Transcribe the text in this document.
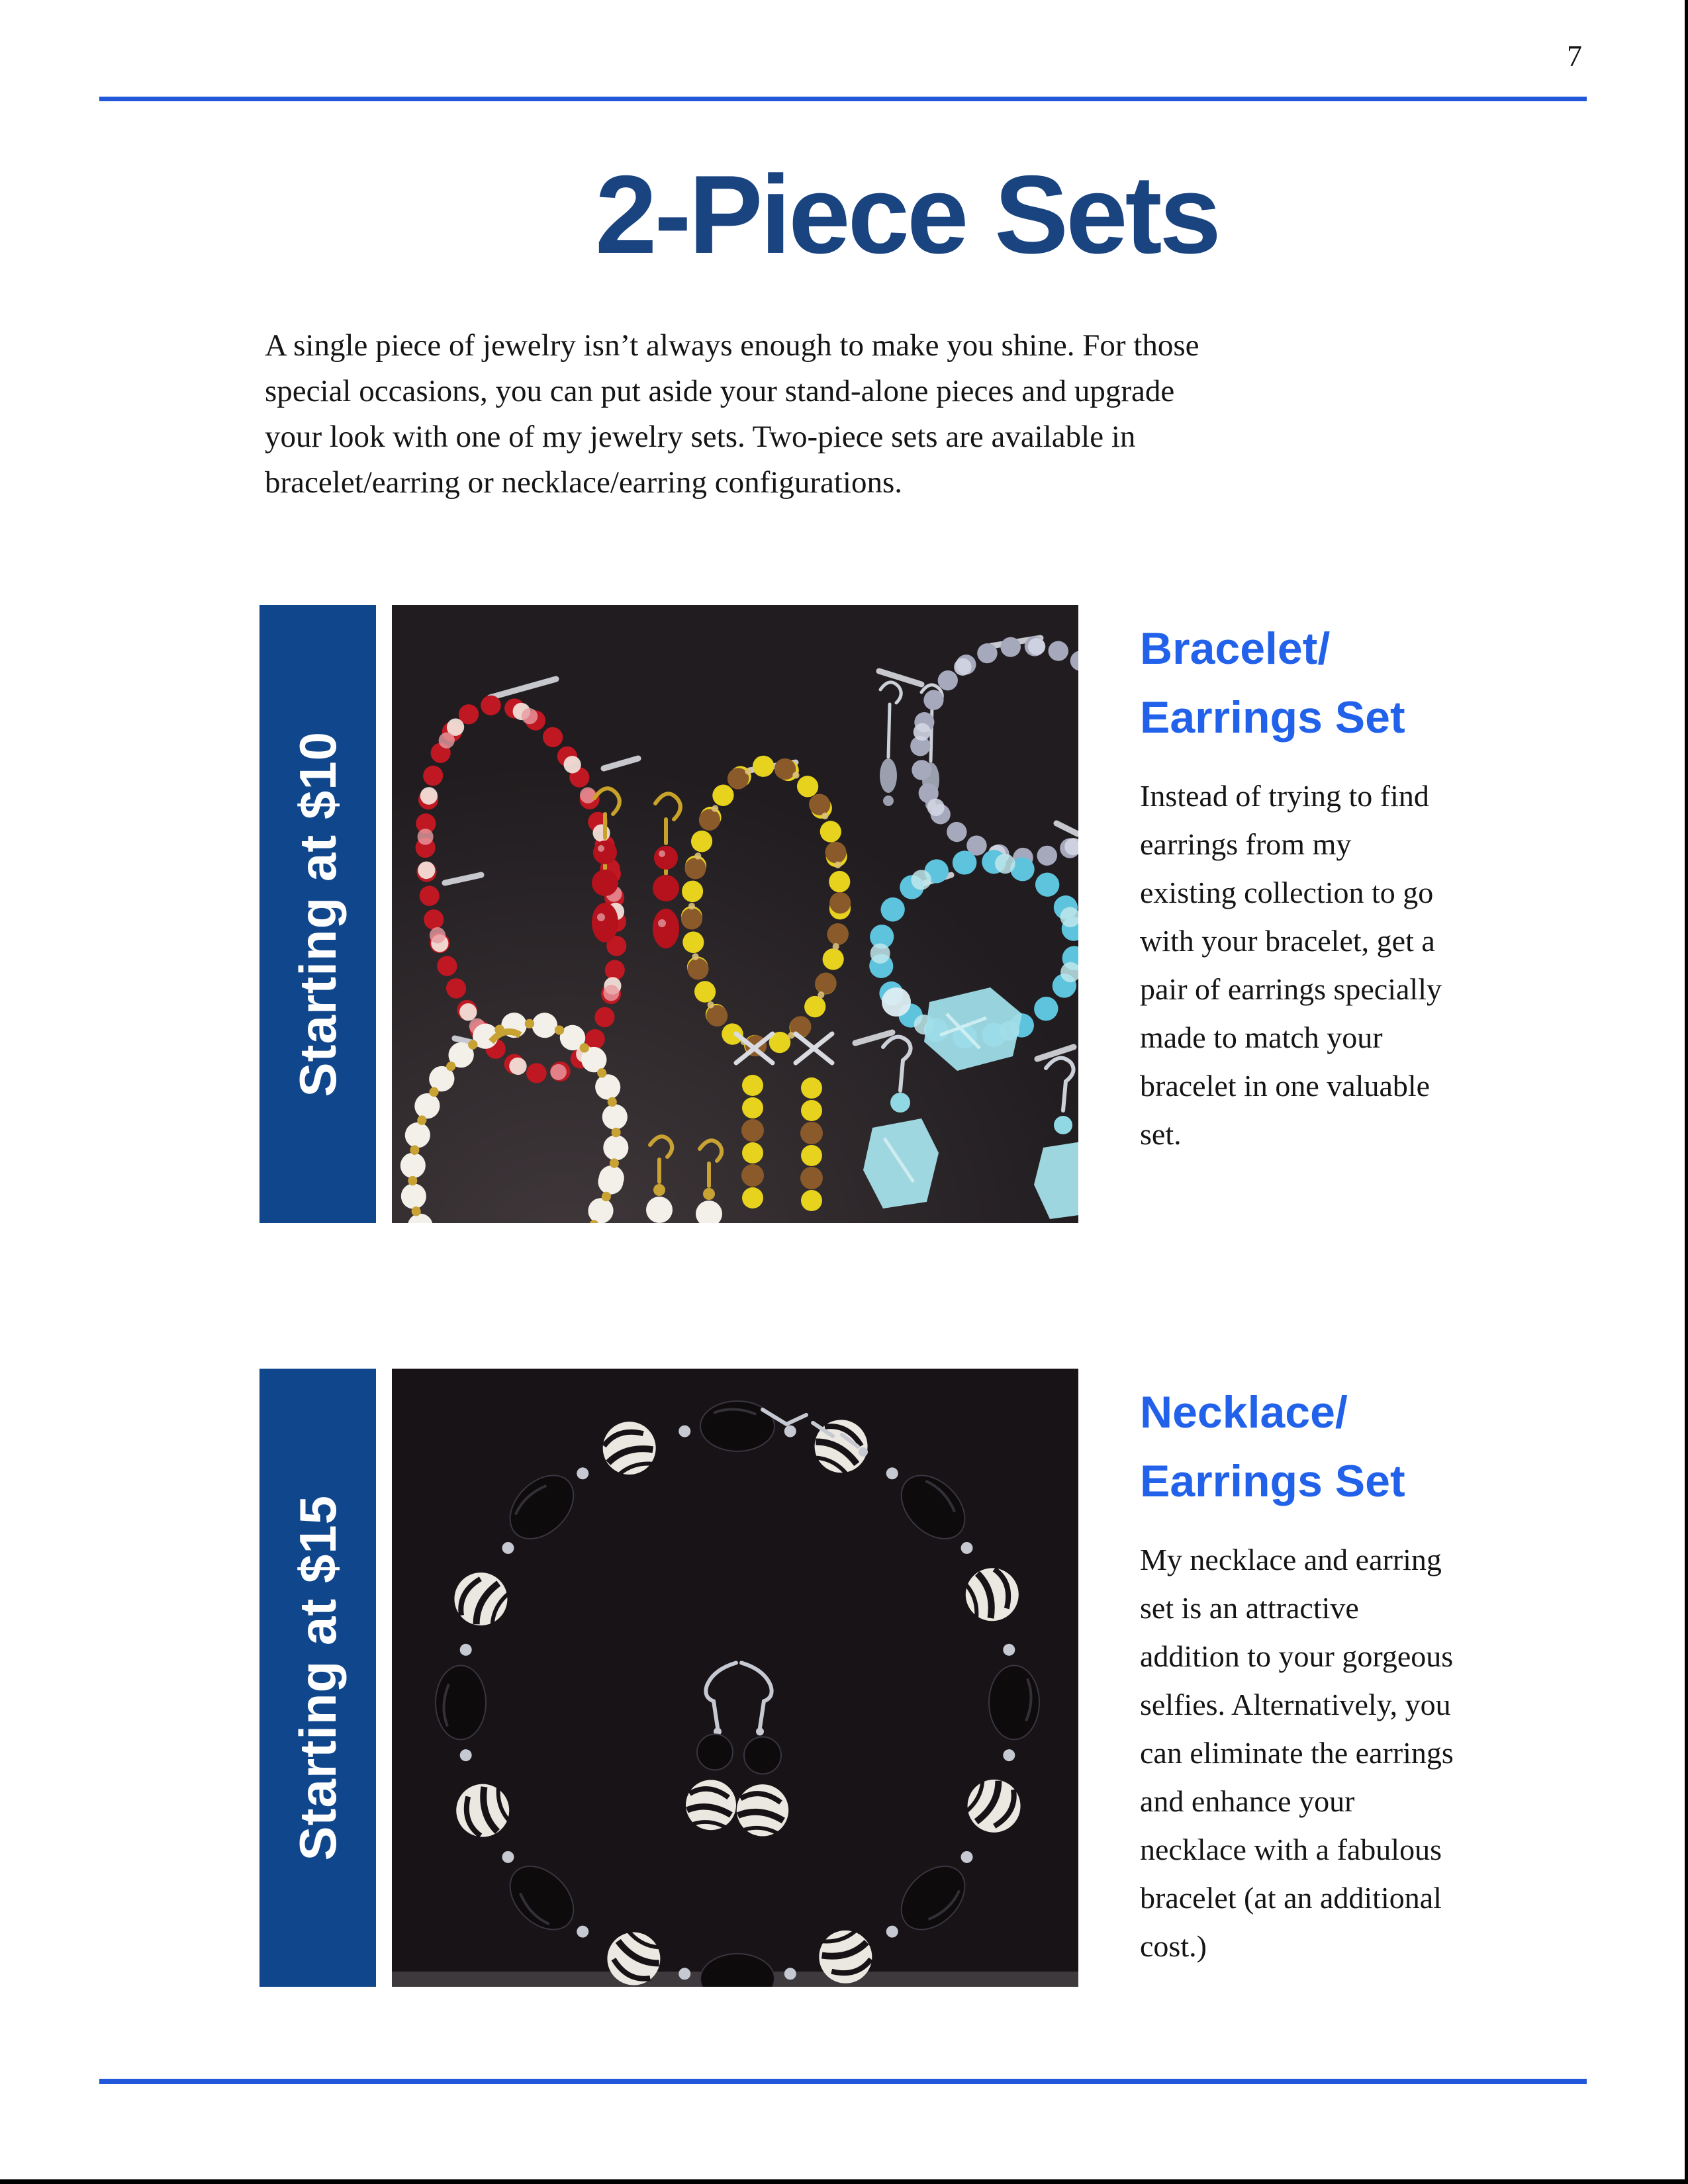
7
2-Piece Sets
A single piece of jewelry isn’t always enough to make you shine. For those
special occasions, you can put aside your stand-alone pieces and upgrade
your look with one of my jewelry sets. Two-piece sets are available in
bracelet/earring or necklace/earring configurations.
Starting at $10
Bracelet/
Earrings Set
Instead of trying to find
earrings from my
existing collection to go
with your bracelet, get a
pair of earrings specially
made to match your
bracelet in one valuable
set.
Starting at $15
Necklace/
Earrings Set
My necklace and earring
set is an attractive
addition to your gorgeous
selfies. Alternatively, you
can eliminate the earrings
and enhance your
necklace with a fabulous
bracelet (at an additional
cost.)
